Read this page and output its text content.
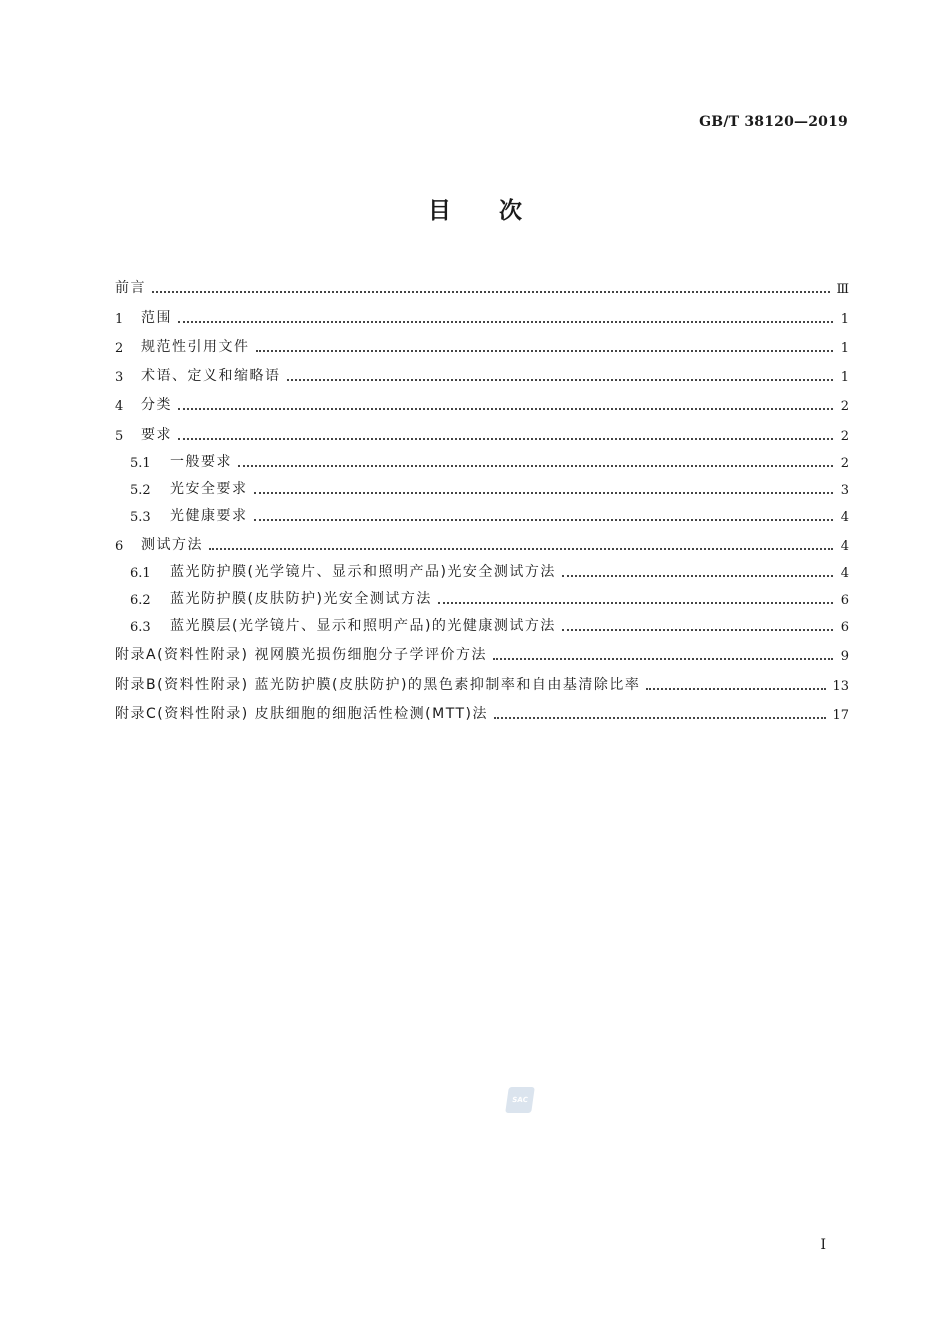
GB/T 38120—2019
目次
前言	Ⅲ
1	范围	1
2	规范性引用文件	1
3	术语、定义和缩略语	1
4	分类	2
5	要求	2
5.1	一般要求	2
5.2	光安全要求	3
5.3	光健康要求	4
6	测试方法	4
6.1	蓝光防护膜(光学镜片、显示和照明产品)光安全测试方法	4
6.2	蓝光防护膜(皮肤防护)光安全测试方法	6
6.3	蓝光膜层(光学镜片、显示和照明产品)的光健康测试方法	6
附录A(资料性附录) 视网膜光损伤细胞分子学评价方法	9
附录B(资料性附录) 蓝光防护膜(皮肤防护)的黑色素抑制率和自由基清除比率	13
附录C(资料性附录) 皮肤细胞的细胞活性检测(MTT)法	17
SAC
I
